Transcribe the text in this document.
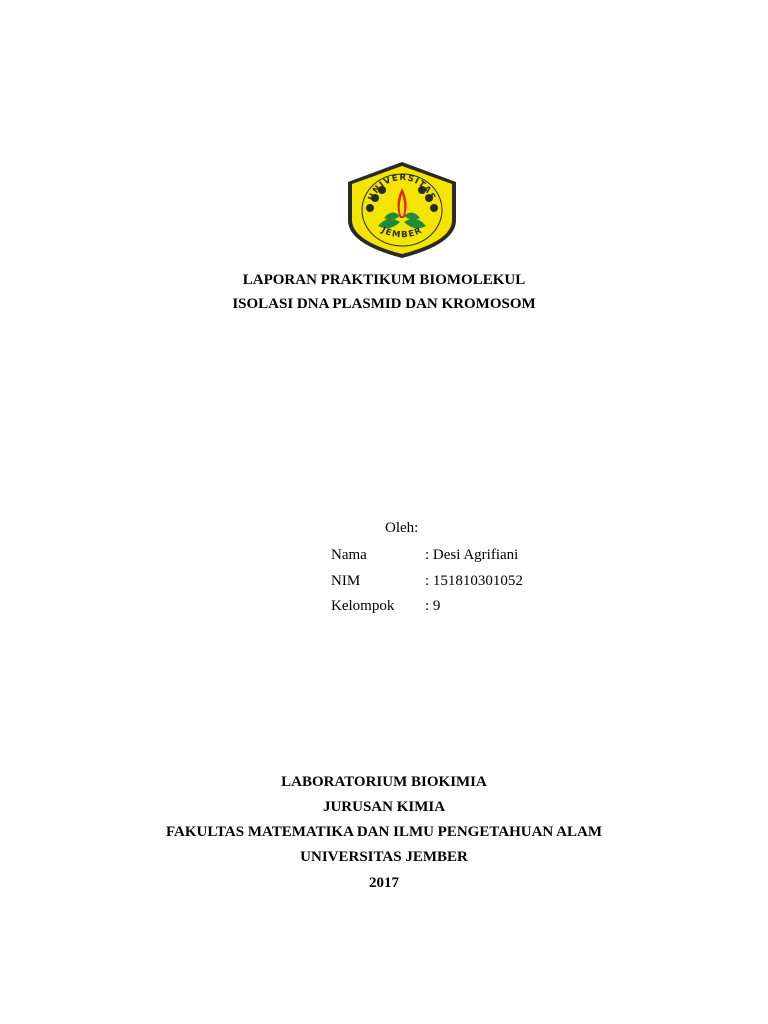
UNIVERSITAS
JEMBER
LAPORAN PRAKTIKUM BIOMOLEKUL
ISOLASI DNA PLASMID DAN KROMOSOM
Oleh:
Nama	: Desi Agrifiani
NIM	: 151810301052
Kelompok : 9
LABORATORIUM BIOKIMIA
JURUSAN KIMIA
FAKULTAS MATEMATIKA DAN ILMU PENGETAHUAN ALAM
UNIVERSITAS JEMBER
2017
